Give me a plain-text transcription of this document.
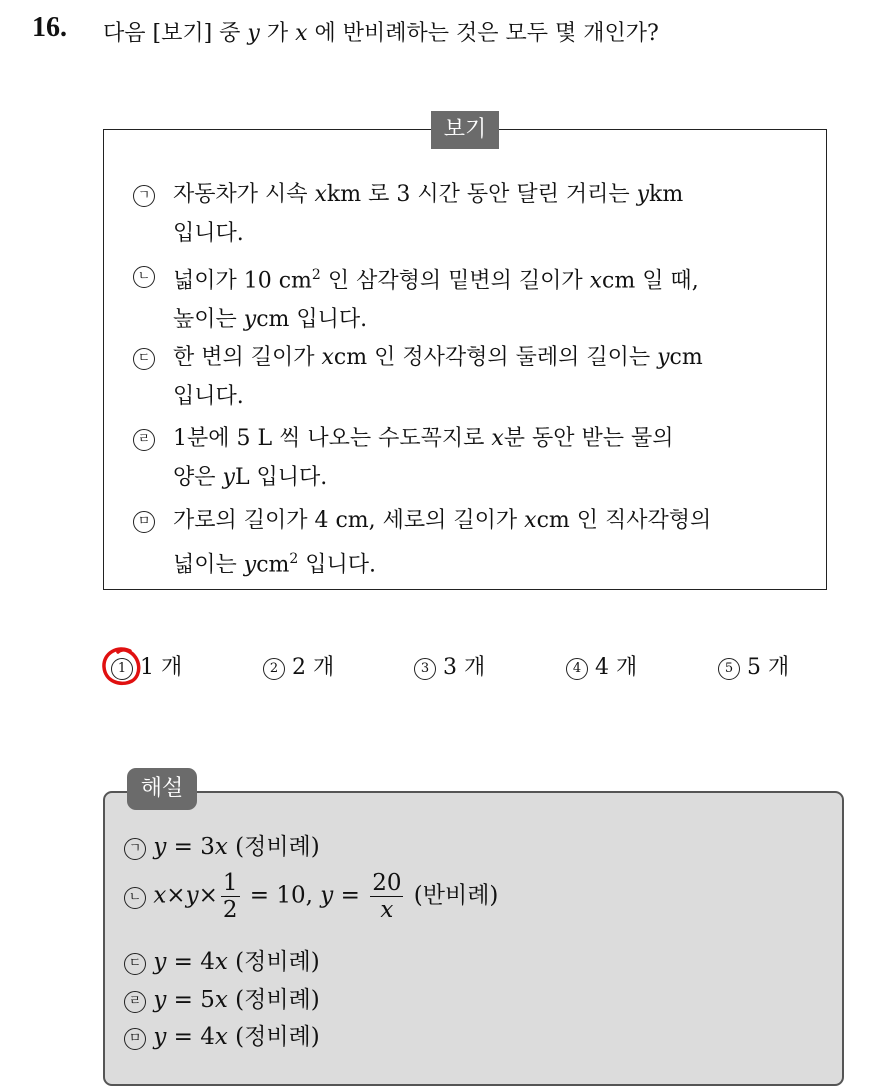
16. 다음 [보기] 중 y 가 x 에 반비례하는 것은 모두 몇 개인가?
보기
ㄱ	자동차가 시속 xkm 로 3 시간 동안 달린 거리는 ykm
입니다.
ㄴ	넓이가 10 $cm^2$ 인 삼각형의 밑변의 길이가 xcm 일 때,
높이는 ycm 입니다.
ㄷ	한 변의 길이가 xcm 인 정사각형의 둘레의 길이는 ycm
입니다.
ㄹ	1분에 5 L 씩 나오는 수도꼭지로 x분 동안 받는 물의
양은 yL 입니다.
ㅁ	가로의 길이가 4 cm, 세로의 길이가 xcm 인 직사각형의
넓이는 ycm$^2$ 입니다.
1 1 개	2 2 개	3 3 개	4 4 개	5 5 개
해설
ㄱ y = 3x (정비례)
ㄴ $x\times y\times \frac{1}{2} = 10$, $y = \frac{20}{x}$ (반비례)
ㄷ y = 4x (정비례)
ㄹ y = 5x (정비례)
ㅁ y = 4x (정비례)
